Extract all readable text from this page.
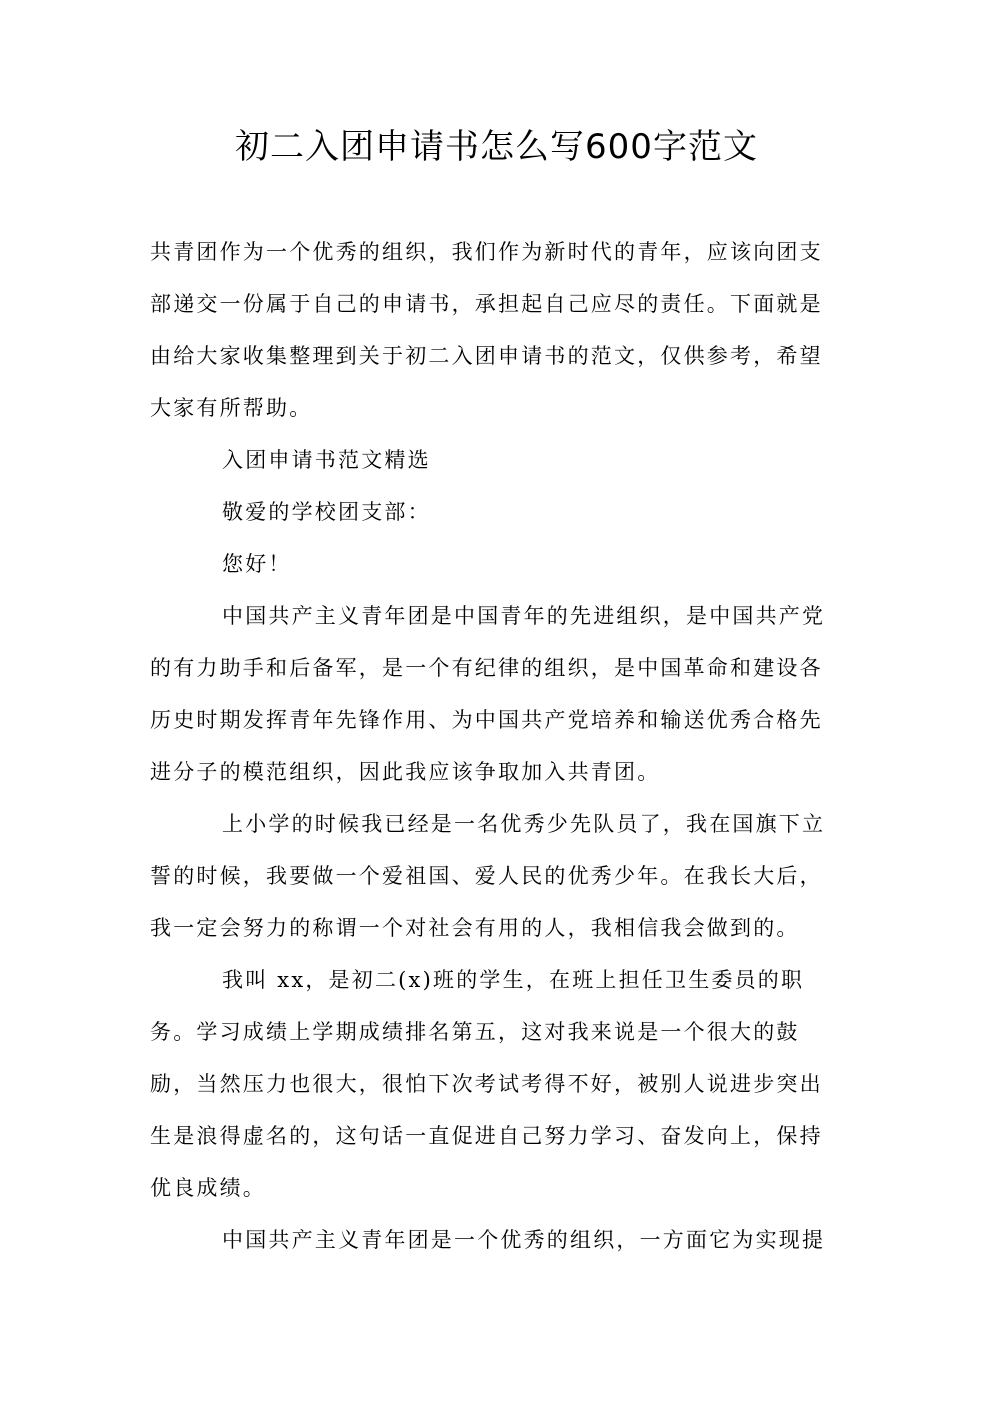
初二入团申请书怎么写600字范文

共青团作为一个优秀的组织，我们作为新时代的青年，应该向团支部递交一份属于自己的申请书，承担起自己应尽的责任。下面就是由给大家收集整理到关于初二入团申请书的范文，仅供参考，希望大家有所帮助。

入团申请书范文精选

敬爱的学校团支部：

您好！

中国共产主义青年团是中国青年的先进组织，是中国共产党的有力助手和后备军，是一个有纪律的组织，是中国革命和建设各历史时期发挥青年先锋作用、为中国共产党培养和输送优秀合格先进分子的模范组织，因此我应该争取加入共青团。

上小学的时候我已经是一名优秀少先队员了，我在国旗下立誓的时候，我要做一个爱祖国、爱人民的优秀少年。在我长大后，我一定会努力的称谓一个对社会有用的人，我相信我会做到的。

我叫 xx，是初二(x)班的学生，在班上担任卫生委员的职务。学习成绩上学期成绩排名第五，这对我来说是一个很大的鼓励，当然压力也很大，很怕下次考试考得不好，被别人说进步突出生是浪得虚名的，这句话一直促进自己努力学习、奋发向上，保持优良成绩。

中国共产主义青年团是一个优秀的组织，一方面它为实现提
